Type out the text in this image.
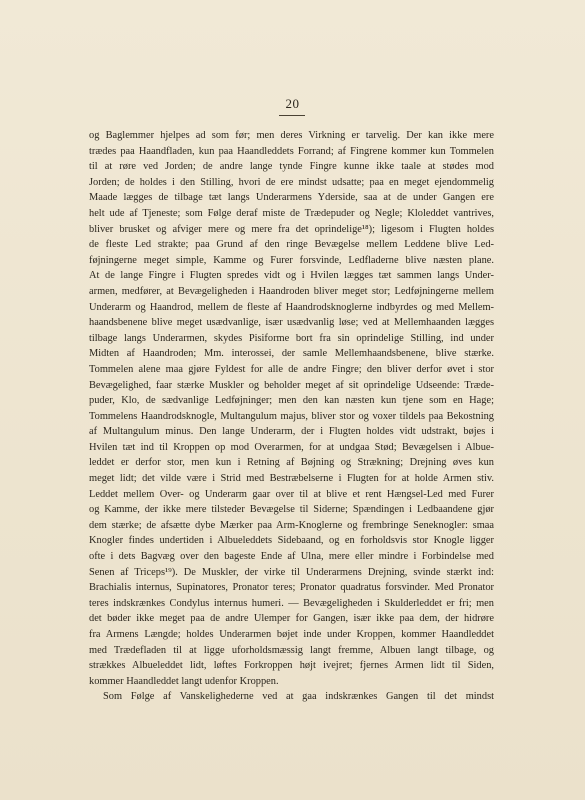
20
og Baglemmer hjelpes ad som før; men deres Virkning er tarvelig. Der kan ikke mere
trædes paa Haandfladen, kun paa Haandleddets Forrand; af Fingrene kommer kun Tommelen
til at røre ved Jorden; de andre lange tynde Fingre kunne ikke taale at stødes mod
Jorden; de holdes i den Stilling, hvori de ere mindst udsatte; paa en meget ejendommelig
Maade lægges de tilbage tæt langs Underarmens Yderside, saa at de under Gangen ere
helt ude af Tjeneste; som Følge deraf miste de Trædepuder og Negle; Kloleddet vantrives,
bliver brusket og afviger mere og mere fra det oprindelige¹⁸); ligesom i Flugten holdes
de fleste Led strakte; paa Grund af den ringe Bevægelse mellem Leddene blive Led-
føjningerne meget simple, Kamme og Furer forsvinde, Ledfladerne blive næsten plane.
At de lange Fingre i Flugten spredes vidt og i Hvilen lægges tæt sammen langs Under-
armen, medfører, at Bevægeligheden i Haandroden bliver meget stor; Ledføjningerne mellem
Underarm og Haandrod, mellem de fleste af Haandrodsknoglerne indbyrdes og med Mellem-
haandsbenene blive meget usædvanlige, især usædvanlig løse; ved at Mellemhaanden lægges
tilbage langs Underarmen, skydes Pisiforme bort fra sin oprindelige Stilling, ind under
Midten af Haandroden; Mm. interossei, der samle Mellemhaandsbenene, blive stærke.
Tommelen alene maa gjøre Fyldest for alle de andre Fingre; den bliver derfor øvet i stor
Bevægelighed, faar stærke Muskler og beholder meget af sit oprindelige Udseende: Træde-
puder, Klo, de sædvanlige Ledføjninger; men den kan næsten kun tjene som en Hage;
Tommelens Haandrodsknogle, Multangulum majus, bliver stor og voxer tildels paa Bekostning
af Multangulum minus. Den lange Underarm, der i Flugten holdes vidt udstrakt, bøjes i
Hvilen tæt ind til Kroppen op mod Overarmen, for at undgaa Stød; Bevægelsen i Albue-
leddet er derfor stor, men kun i Retning af Bøjning og Strækning; Drejning øves kun
meget lidt; det vilde være i Strid med Bestræbelserne i Flugten for at holde Armen stiv.
Leddet mellem Over- og Underarm gaar over til at blive et rent Hængsel-Led med Furer
og Kamme, der ikke mere tilsteder Bevægelse til Siderne; Spændingen i Ledbaandene gjør
dem stærke; de afsætte dybe Mærker paa Arm-Knoglerne og frembringe Seneknogler: smaa
Knogler findes undertiden i Albueleddets Sidebaand, og en forholdsvis stor Knogle ligger
ofte i dets Bagvæg over den bageste Ende af Ulna, mere eller mindre i Forbindelse med
Senen af Triceps¹⁹). De Muskler, der virke til Underarmens Drejning, svinde stærkt ind:
Brachialis internus, Supinatores, Pronator teres; Pronator quadratus forsvinder. Med Pronator
teres indskrænkes Condylus internus humeri. — Bevægeligheden i Skulderleddet er fri; men
det bøder ikke meget paa de andre Ulemper for Gangen, især ikke paa dem, der hidrøre
fra Armens Længde; holdes Underarmen bøjet inde under Kroppen, kommer Haandleddet
med Trædefladen til at ligge uforholdsmæssig langt fremme, Albuen langt tilbage, og
strækkes Albueleddet lidt, løftes Forkroppen højt ivejret; fjernes Armen lidt til Siden,
kommer Haandleddet langt udenfor Kroppen.
Som Følge af Vanskelighederne ved at gaa indskrænkes Gangen til det mindst
